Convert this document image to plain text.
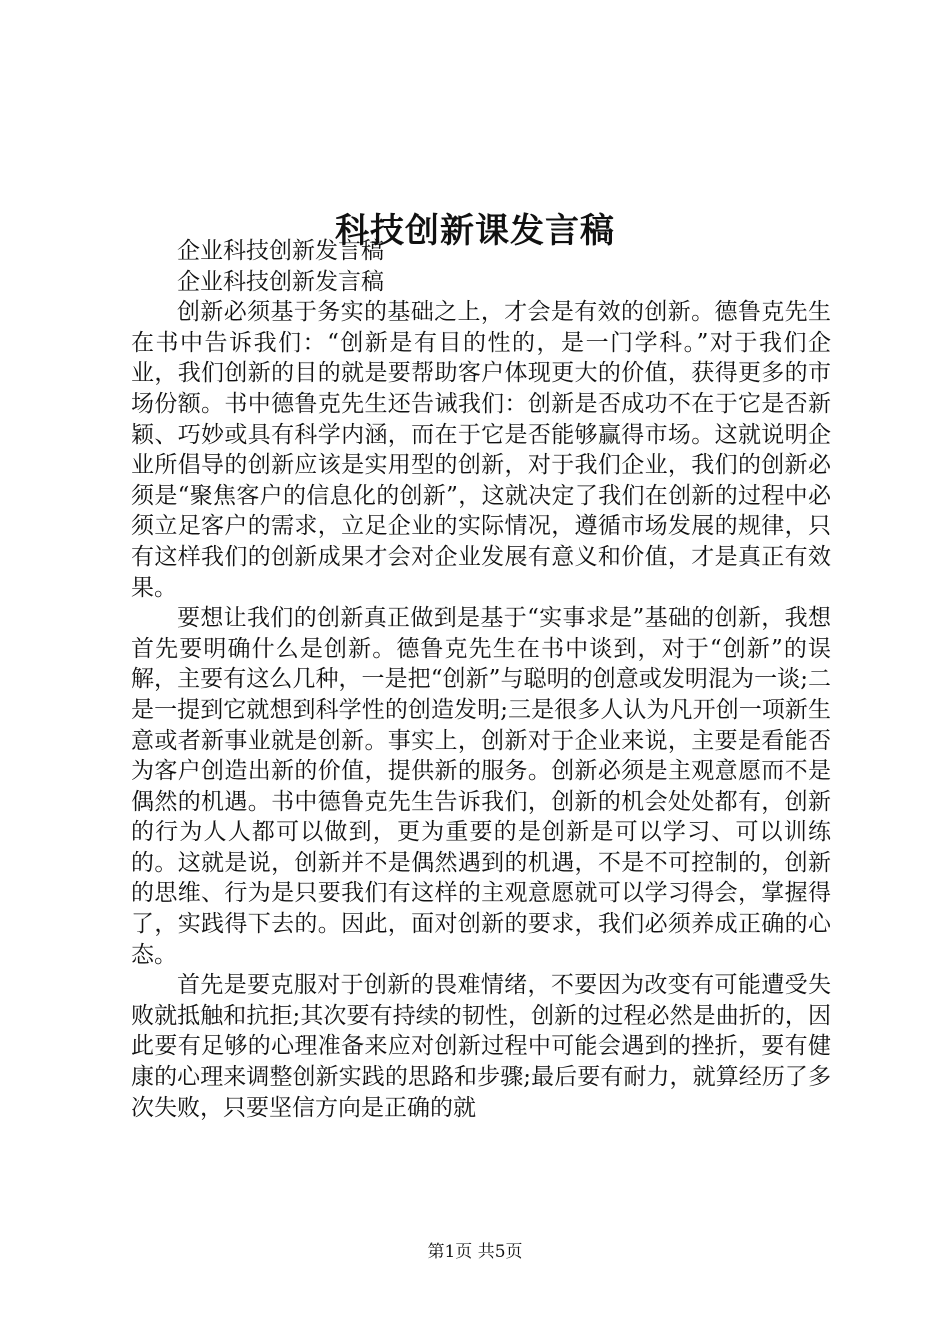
科技创新课发言稿

企业科技创新发言稿

企业科技创新发言稿

创新必须基于务实的基础之上，才会是有效的创新。德鲁克先生在书中告诉我们：“创新是有目的性的，是一门学科。”对于我们企业，我们创新的目的就是要帮助客户体现更大的价值，获得更多的市场份额。书中德鲁克先生还告诫我们：创新是否成功不在于它是否新颖、巧妙或具有科学内涵，而在于它是否能够赢得市场。这就说明企业所倡导的创新应该是实用型的创新，对于我们企业，我们的创新必须是“聚焦客户的信息化的创新”，这就决定了我们在创新的过程中必须立足客户的需求，立足企业的实际情况，遵循市场发展的规律，只有这样我们的创新成果才会对企业发展有意义和价值，才是真正有效果。

要想让我们的创新真正做到是基于“实事求是”基础的创新，我想首先要明确什么是创新。德鲁克先生在书中谈到，对于“创新”的误解，主要有这么几种，一是把“创新”与聪明的创意或发明混为一谈;二是一提到它就想到科学性的创造发明;三是很多人认为凡开创一项新生意或者新事业就是创新。事实上，创新对于企业来说，主要是看能否为客户创造出新的价值，提供新的服务。创新必须是主观意愿而不是偶然的机遇。书中德鲁克先生告诉我们，创新的机会处处都有，创新的行为人人都可以做到，更为重要的是创新是可以学习、可以训练的。这就是说，创新并不是偶然遇到的机遇，不是不可控制的，创新的思维、行为是只要我们有这样的主观意愿就可以学习得会，掌握得了，实践得下去的。因此，面对创新的要求，我们必须养成正确的心态。

首先是要克服对于创新的畏难情绪，不要因为改变有可能遭受失败就抵触和抗拒;其次要有持续的韧性，创新的过程必然是曲折的，因此要有足够的心理准备来应对创新过程中可能会遇到的挫折，要有健康的心理来调整创新实践的思路和步骤;最后要有耐力，就算经历了多次失败，只要坚信方向是正确的就

第1页 共5页
